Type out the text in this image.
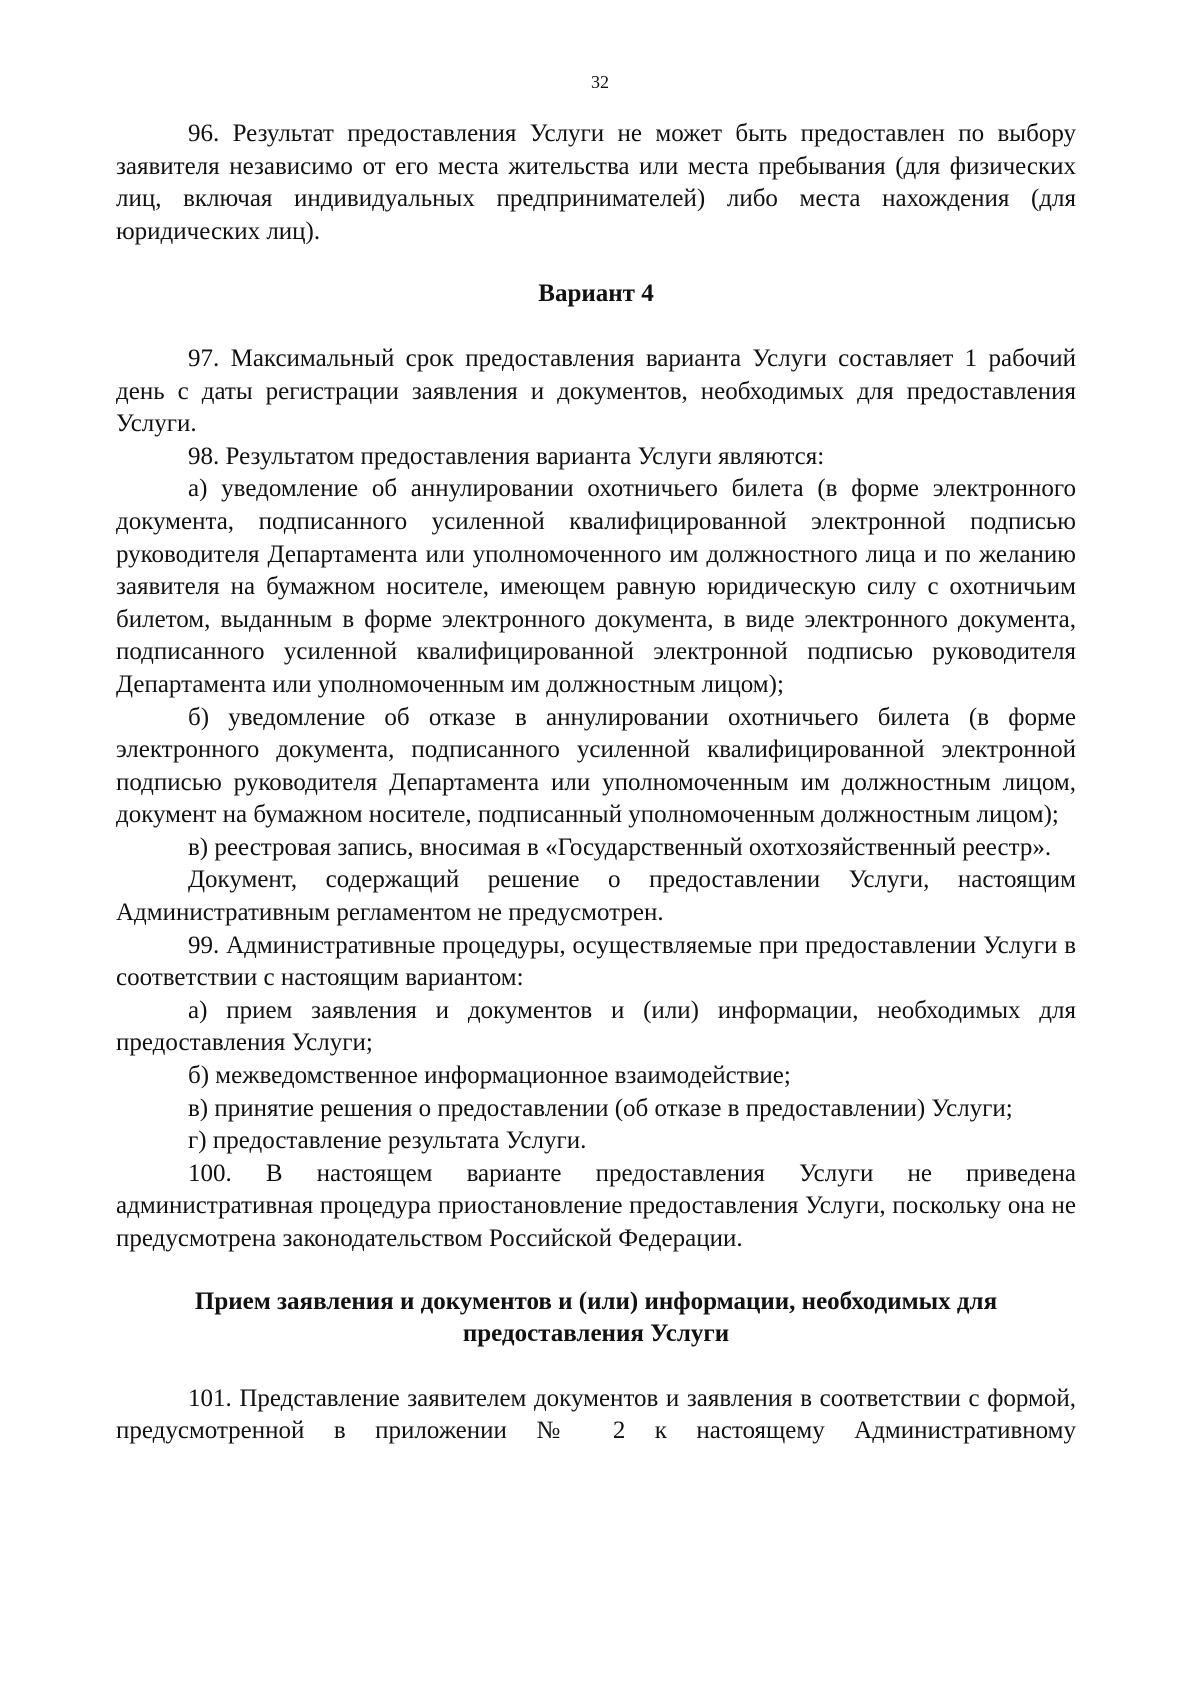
32

96. Результат предоставления Услуги не может быть предоставлен по выбору заявителя независимо от его места жительства или места пребывания (для физических лиц, включая индивидуальных предпринимателей) либо места нахождения (для юридических лиц).

Вариант 4

97. Максимальный срок предоставления варианта Услуги составляет 1 рабочий день с даты регистрации заявления и документов, необходимых для предоставления Услуги.

98. Результатом предоставления варианта Услуги являются:

а) уведомление об аннулировании охотничьего билета (в форме электронного документа, подписанного усиленной квалифицированной электронной подписью руководителя Департамента или уполномоченного им должностного лица и по желанию заявителя на бумажном носителе, имеющем равную юридическую силу с охотничьим билетом, выданным в форме электронного документа, в виде электронного документа, подписанного усиленной квалифицированной электронной подписью руководителя Департамента или уполномоченным им должностным лицом);

б) уведомление об отказе в аннулировании охотничьего билета (в форме электронного документа, подписанного усиленной квалифицированной электронной подписью руководителя Департамента или уполномоченным им должностным лицом, документ на бумажном носителе, подписанный уполномоченным должностным лицом);

в) реестровая запись, вносимая в «Государственный охотхозяйственный реестр».

Документ, содержащий решение о предоставлении Услуги, настоящим Административным регламентом не предусмотрен.

99. Административные процедуры, осуществляемые при предоставлении Услуги в соответствии с настоящим вариантом:

а) прием заявления и документов и (или) информации, необходимых для предоставления Услуги;

б) межведомственное информационное взаимодействие;

в) принятие решения о предоставлении (об отказе в предоставлении) Услуги;

г) предоставление результата Услуги.

100. В настоящем варианте предоставления Услуги не приведена административная процедура приостановление предоставления Услуги, поскольку она не предусмотрена законодательством Российской Федерации.

Прием заявления и документов и (или) информации, необходимых для предоставления Услуги

101. Представление заявителем документов и заявления в соответствии с формой, предусмотренной в приложении № 2 к настоящему Административному
